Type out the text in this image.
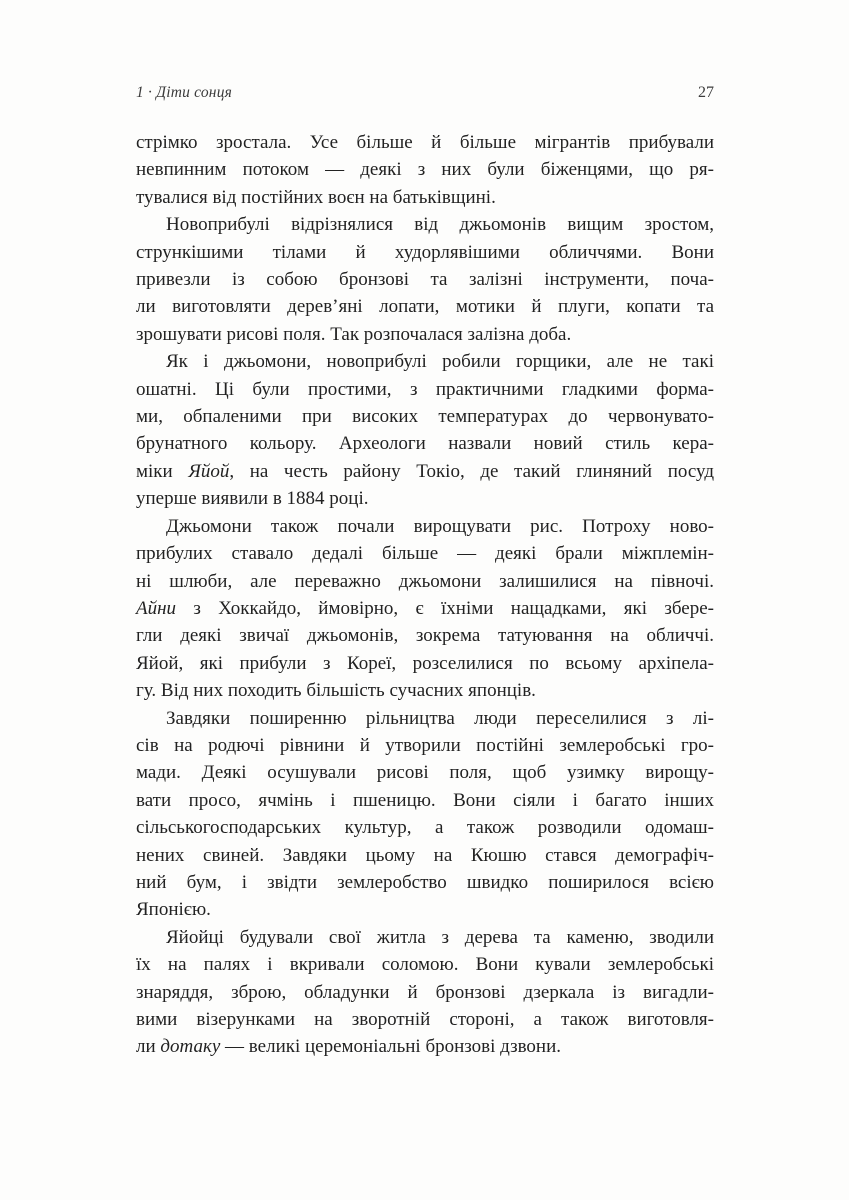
1 · Діти сонця	27
стрімко зростала. Усе більше й більше мігрантів прибували
невпинним потоком — деякі з них були біженцями, що ря-
тувалися від постійних воєн на батьківщині.
Новоприбулі відрізнялися від джьомонів вищим зростом,
стрункішими тілами й худорлявішими обличчями. Вони
привезли із собою бронзові та залізні інструменти, поча-
ли виготовляти дерев’яні лопати, мотики й плуги, копати та
зрошувати рисові поля. Так розпочалася залізна доба.
Як і джьомони, новоприбулі робили горщики, але не такі
ошатні. Ці були простими, з практичними гладкими форма-
ми, обпаленими при високих температурах до червонувато-
брунатного кольору. Археологи назвали новий стиль кера-
міки Яйой, на честь району Токіо, де такий глиняний посуд
уперше виявили в 1884 році.
Джьомони також почали вирощувати рис. Потроху ново-
прибулих ставало дедалі більше — деякі брали міжплемін-
ні шлюби, але переважно джьомони залишилися на півночі.
Айни з Хоккайдо, ймовірно, є їхніми нащадками, які збере-
гли деякі звичаї джьомонів, зокрема татуювання на обличчі.
Яйой, які прибули з Кореї, розселилися по всьому архіпела-
гу. Від них походить більшість сучасних японців.
Завдяки поширенню рільництва люди переселилися з лі-
сів на родючі рівнини й утворили постійні землеробські гро-
мади. Деякі осушували рисові поля, щоб узимку вирощу-
вати просо, ячмінь і пшеницю. Вони сіяли і багато інших
сільськогосподарських культур, а також розводили одомаш-
нених свиней. Завдяки цьому на Кюшю стався демографіч-
ний бум, і звідти землеробство швидко поширилося всією
Японією.
Яйойці будували свої житла з дерева та каменю, зводили
їх на палях і вкривали соломою. Вони кували землеробські
знаряддя, зброю, обладунки й бронзові дзеркала із вигадли-
вими візерунками на зворотній стороні, а також виготовля-
ли дотаку — великі церемоніальні бронзові дзвони.
